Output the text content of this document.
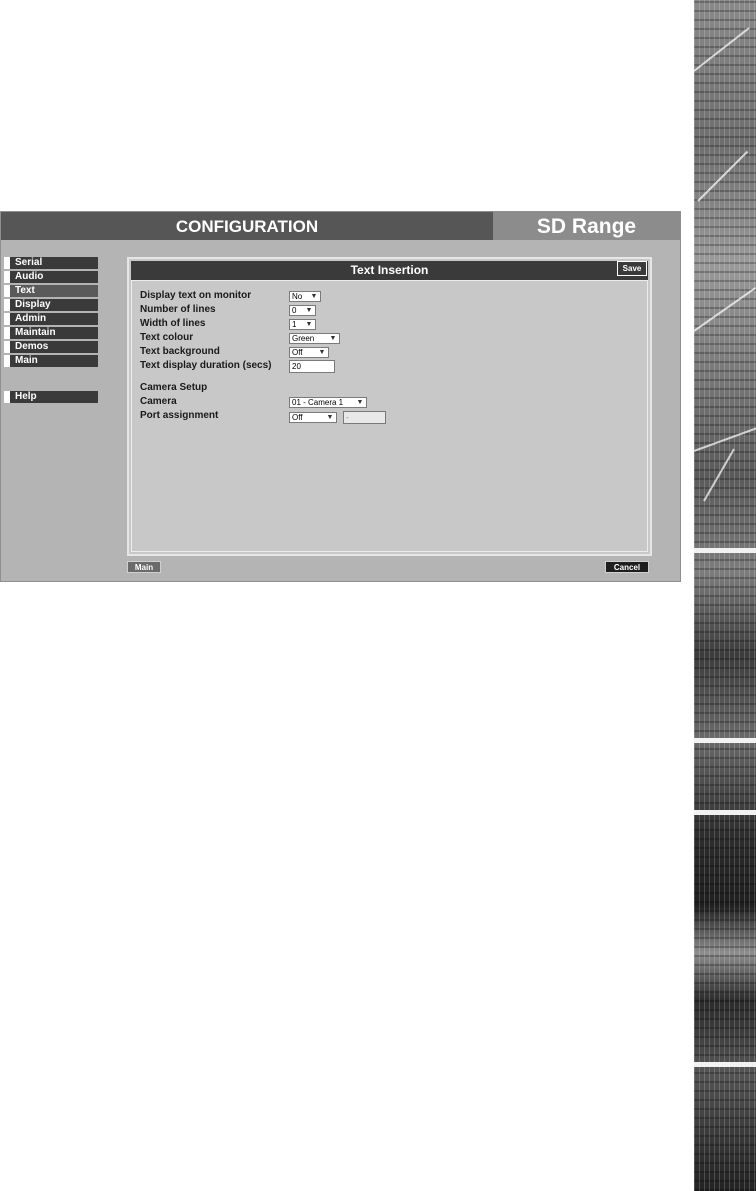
CONFIGURATION	SD Range
Serial
Audio
Text
Display
Admin
Maintain
Demos
Main
Help
Text Insertion	Save
Display text on monitor	No ▼
Number of lines	0 ▼
Width of lines	1 ▼
Text colour	Green ▼
Text background	Off ▼
Text display duration (secs)	20
Camera Setup
Camera	01 - Camera 1 ▼
Port assignment	Off	▼	-
Main	Cancel
